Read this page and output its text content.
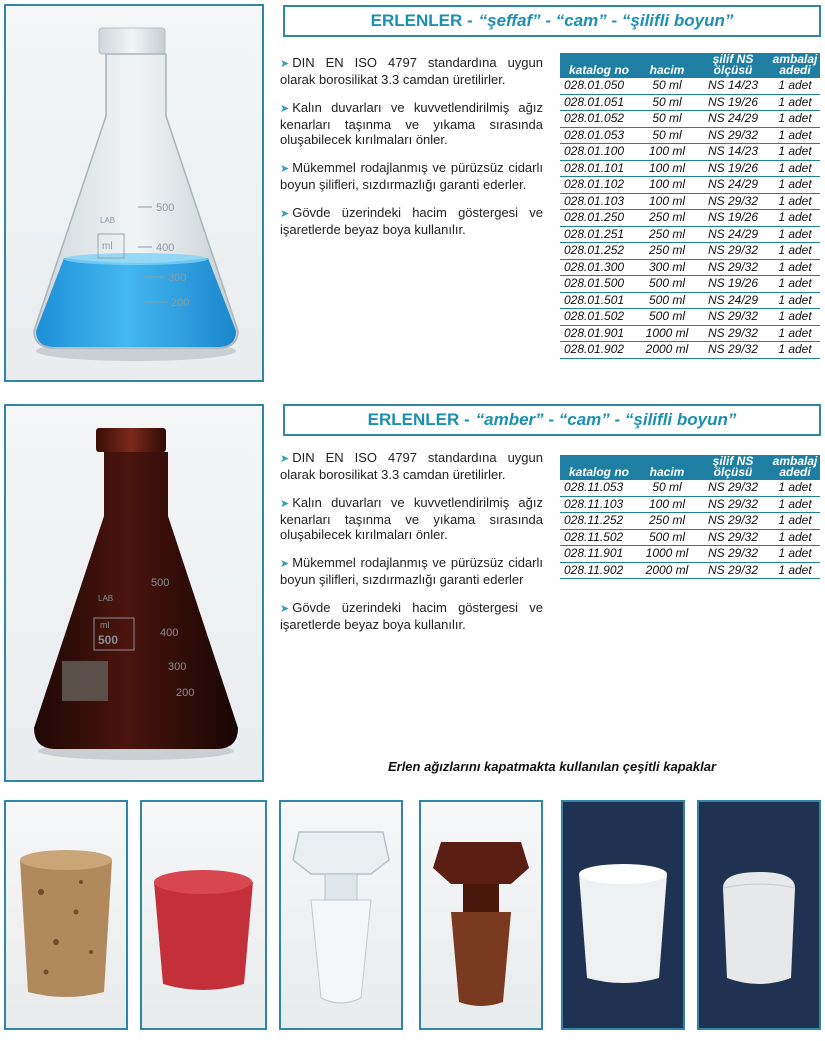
500
400
300
200
ml
LAB
ERLENLER - “şeffaf” - “cam” - “şilifli boyun”

➤ DIN EN ISO 4797 standardına uygun olarak borosilikat 3.3 camdan üretilirler.

➤ Kalın duvarları ve kuvvetlendirilmiş ağız kenarları taşınma ve yıkama sırasında oluşabilecek kırılmaları önler.

➤ Mükemmel rodajlanmış ve pürüzsüz cidarlı boyun şilifleri, sızdırmazlığı garanti ederler.

➤ Gövde üzerindeki hacim göstergesi ve işaretlerde beyaz boya kullanılır.

katalog no	hacim	şilif NS ölçüsü	ambalaj adedi
028.01.050	50 ml	NS 14/23	1 adet
028.01.051	50 ml	NS 19/26	1 adet
028.01.052	50 ml	NS 24/29	1 adet
028.01.053	50 ml	NS 29/32	1 adet
028.01.100	100 ml	NS 14/23	1 adet
028.01.101	100 ml	NS 19/26	1 adet
028.01.102	100 ml	NS 24/29	1 adet
028.01.103	100 ml	NS 29/32	1 adet
028.01.250	250 ml	NS 19/26	1 adet
028.01.251	250 ml	NS 24/29	1 adet
028.01.252	250 ml	NS 29/32	1 adet
028.01.300	300 ml	NS 29/32	1 adet
028.01.500	500 ml	NS 19/26	1 adet
028.01.501	500 ml	NS 24/29	1 adet
028.01.502	500 ml	NS 29/32	1 adet
028.01.901	1000 ml	NS 29/32	1 adet
028.01.902	2000 ml	NS 29/32	1 adet
500
400
300
200
ml
500
LAB
ERLENLER - “amber” - “cam” - “şilifli boyun”

➤ DIN EN ISO 4797 standardına uygun olarak borosilikat 3.3 camdan üretilirler.

➤ Kalın duvarları ve kuvvetlendirilmiş ağız kenarları taşınma ve yıkama sırasında oluşabilecek kırılmaları önler.

➤ Mükemmel rodajlanmış ve pürüzsüz cidarlı boyun şilifleri, sızdırmazlığı garanti ederler

➤ Gövde üzerindeki hacim göstergesi ve işaretlerde beyaz boya kullanılır.

katalog no	hacim	şilif NS ölçüsü	ambalaj adedi
028.11.053	50 ml	NS 29/32	1 adet
028.11.103	100 ml	NS 29/32	1 adet
028.11.252	250 ml	NS 29/32	1 adet
028.11.502	500 ml	NS 29/32	1 adet
028.11.901	1000 ml	NS 29/32	1 adet
028.11.902	2000 ml	NS 29/32	1 adet
Erlen ağızlarını kapatmakta kullanılan çeşitli kapaklar
